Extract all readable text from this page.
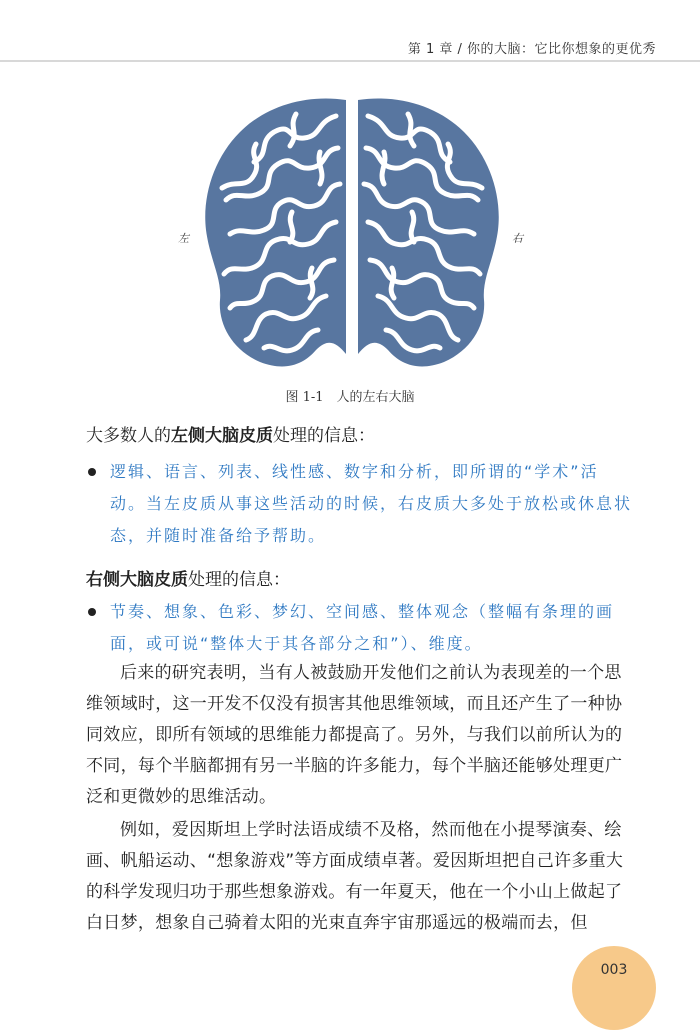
第 1 章 / 你的大脑：它比你想象的更优秀
左	右
图 1-1　人的左右大脑
大多数人的左侧大脑皮质处理的信息：
逻辑、语言、列表、线性感、数字和分析，即所谓的“学术”活动。当左皮质从事这些活动的时候，右皮质大多处于放松或休息状态，并随时准备给予帮助。
右侧大脑皮质处理的信息：
节奏、想象、色彩、梦幻、空间感、整体观念（整幅有条理的画面，或可说“整体大于其各部分之和”）、维度。

后来的研究表明，当有人被鼓励开发他们之前认为表现差的一个思维领域时，这一开发不仅没有损害其他思维领域，而且还产生了一种协同效应，即所有领域的思维能力都提高了。另外，与我们以前所认为的不同，每个半脑都拥有另一半脑的许多能力，每个半脑还能够处理更广泛和更微妙的思维活动。

例如，爱因斯坦上学时法语成绩不及格，然而他在小提琴演奏、绘画、帆船运动、“想象游戏”等方面成绩卓著。爱因斯坦把自己许多重大的科学发现归功于那些想象游戏。有一年夏天，他在一个小山上做起了白日梦，想象自己骑着太阳的光束直奔宇宙那遥远的极端而去，但

003
